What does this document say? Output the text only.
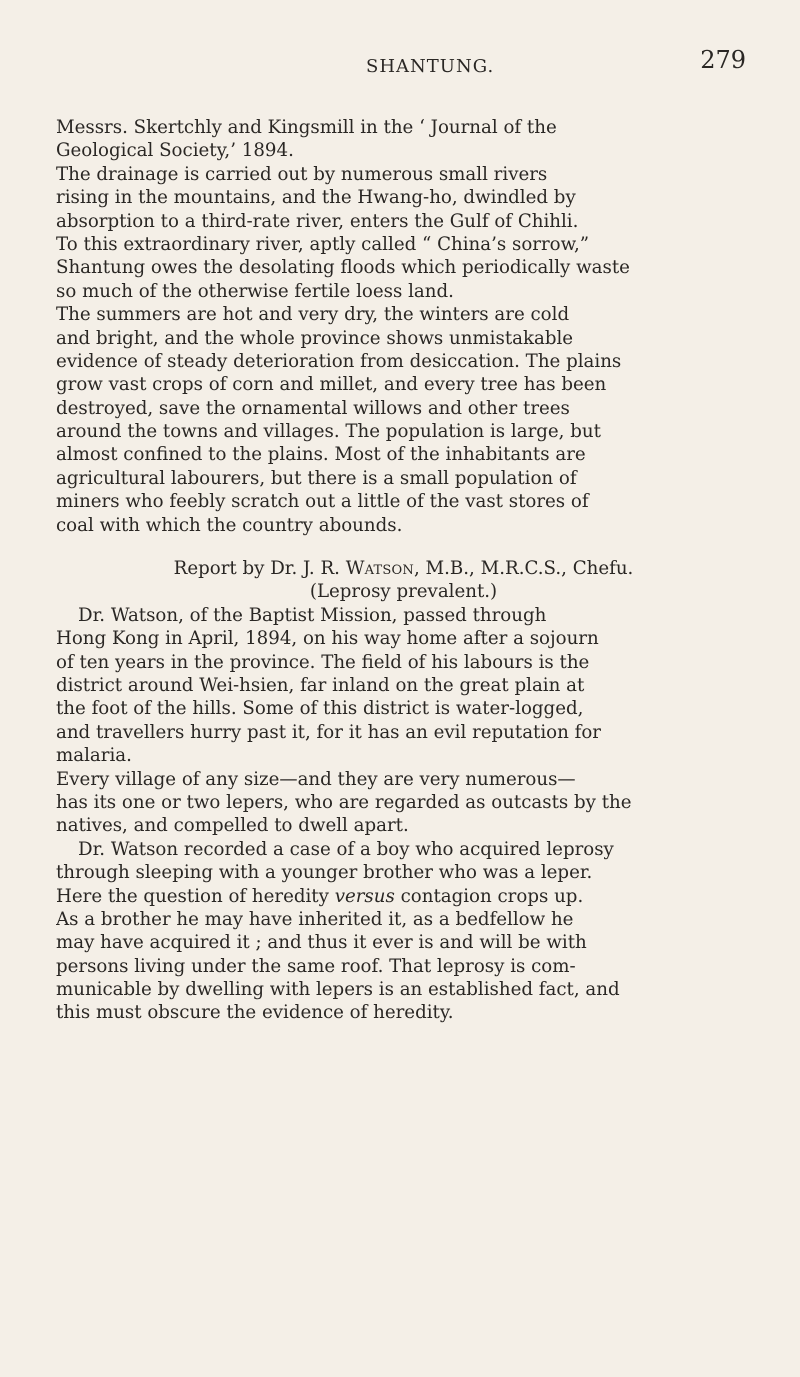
SHANTUNG.	279
Messrs. Skertchly and Kingsmill in the ‘ Journal of the
Geological Society,’ 1894.
The drainage is carried out by numerous small rivers
rising in the mountains, and the Hwang-ho, dwindled by
absorption to a third-rate river, enters the Gulf of Chihli.
To this extraordinary river, aptly called “ China’s sorrow,”
Shantung owes the desolating floods which periodically waste
so much of the otherwise fertile loess land.
The summers are hot and very dry, the winters are cold
and bright, and the whole province shows unmistakable
evidence of steady deterioration from desiccation. The plains
grow vast crops of corn and millet, and every tree has been
destroyed, save the ornamental willows and other trees
around the towns and villages. The population is large, but
almost confined to the plains. Most of the inhabitants are
agricultural labourers, but there is a small population of
miners who feebly scratch out a little of the vast stores of
coal with which the country abounds.
Report by Dr. J. R. Watson, M.B., M.R.C.S., Chefu.
(Leprosy prevalent.)
Dr. Watson, of the Baptist Mission, passed through
Hong Kong in April, 1894, on his way home after a sojourn
of ten years in the province. The field of his labours is the
district around Wei-hsien, far inland on the great plain at
the foot of the hills. Some of this district is water-logged,
and travellers hurry past it, for it has an evil reputation for
malaria.
Every village of any size—and they are very numerous—
has its one or two lepers, who are regarded as outcasts by the
natives, and compelled to dwell apart.
Dr. Watson recorded a case of a boy who acquired leprosy
through sleeping with a younger brother who was a leper.
Here the question of heredity versus contagion crops up.
As a brother he may have inherited it, as a bedfellow he
may have acquired it ; and thus it ever is and will be with
persons living under the same roof. That leprosy is com-
municable by dwelling with lepers is an established fact, and
this must obscure the evidence of heredity.
